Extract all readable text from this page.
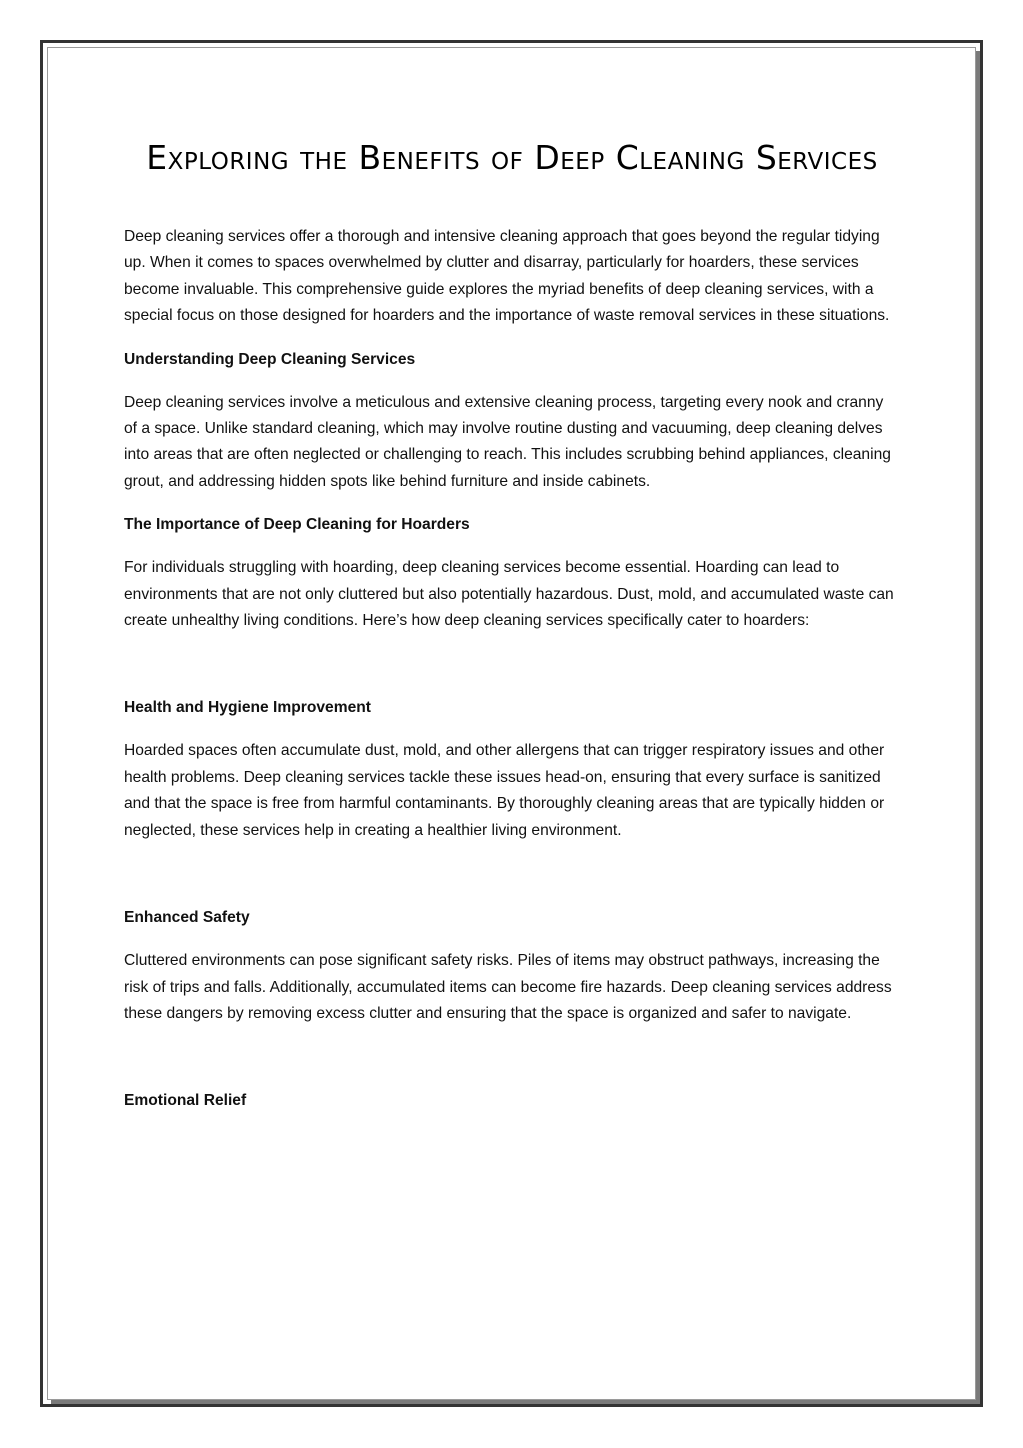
Exploring the Benefits of Deep Cleaning Services

Deep cleaning services offer a thorough and intensive cleaning approach that goes beyond the regular tidying up. When it comes to spaces overwhelmed by clutter and disarray, particularly for hoarders, these services become invaluable. This comprehensive guide explores the myriad benefits of deep cleaning services, with a special focus on those designed for hoarders and the importance of waste removal services in these situations.

Understanding Deep Cleaning Services

Deep cleaning services involve a meticulous and extensive cleaning process, targeting every nook and cranny of a space. Unlike standard cleaning, which may involve routine dusting and vacuuming, deep cleaning delves into areas that are often neglected or challenging to reach. This includes scrubbing behind appliances, cleaning grout, and addressing hidden spots like behind furniture and inside cabinets.

The Importance of Deep Cleaning for Hoarders

For individuals struggling with hoarding, deep cleaning services become essential. Hoarding can lead to environments that are not only cluttered but also potentially hazardous. Dust, mold, and accumulated waste can create unhealthy living conditions. Here’s how deep cleaning services specifically cater to hoarders:

Health and Hygiene Improvement

Hoarded spaces often accumulate dust, mold, and other allergens that can trigger respiratory issues and other health problems. Deep cleaning services tackle these issues head-on, ensuring that every surface is sanitized and that the space is free from harmful contaminants. By thoroughly cleaning areas that are typically hidden or neglected, these services help in creating a healthier living environment.

Enhanced Safety

Cluttered environments can pose significant safety risks. Piles of items may obstruct pathways, increasing the risk of trips and falls. Additionally, accumulated items can become fire hazards. Deep cleaning services address these dangers by removing excess clutter and ensuring that the space is organized and safer to navigate.

Emotional Relief
